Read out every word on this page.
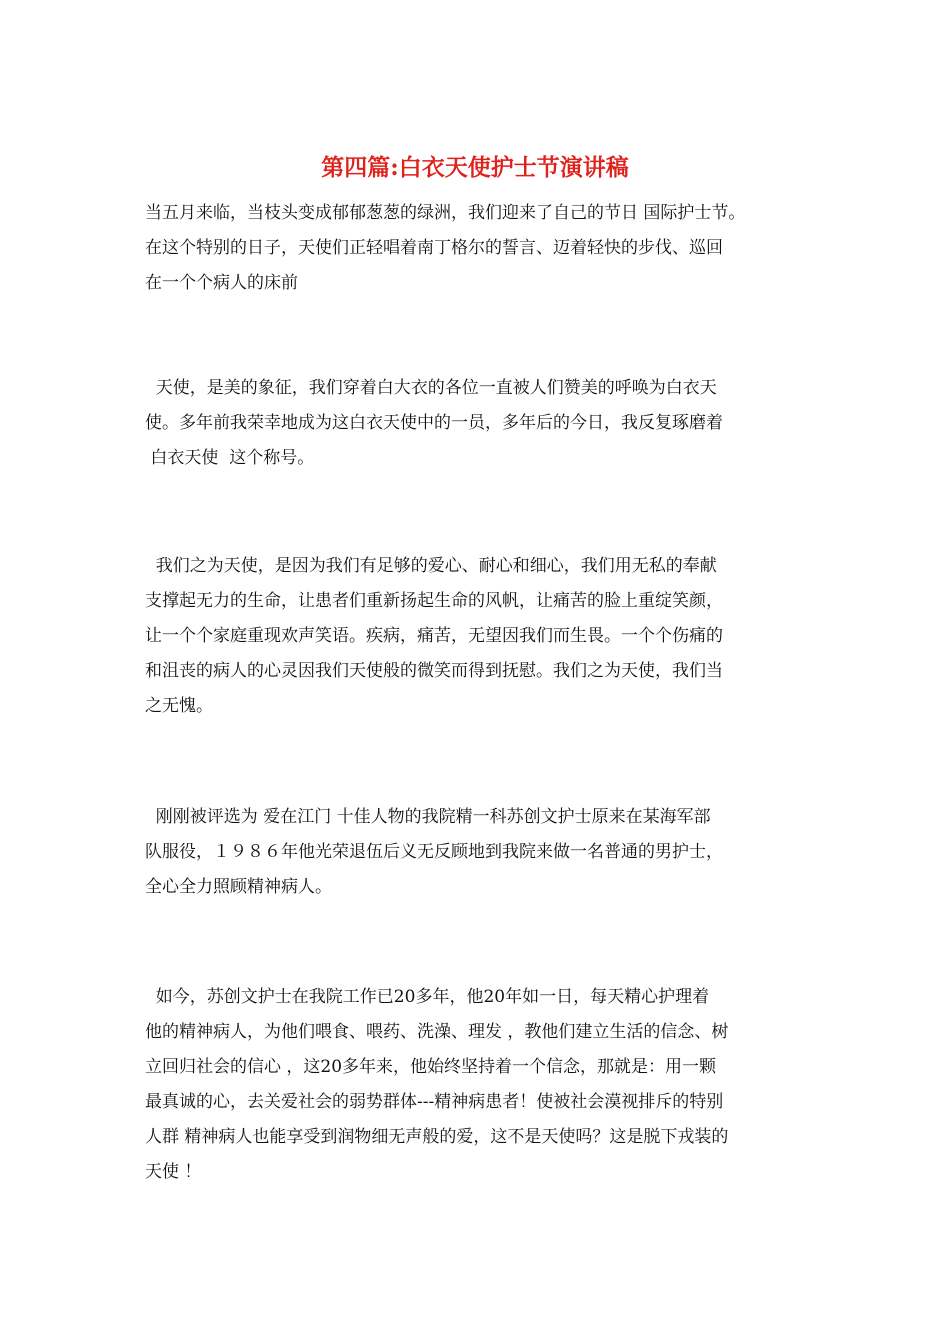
第四篇:白衣天使护士节演讲稿
当五月来临，当枝头变成郁郁葱葱的绿洲，我们迎来了自己的节日 国际护士节。
在这个特别的日子，天使们正轻唱着南丁格尔的誓言、迈着轻快的步伐、巡回
在一个个病人的床前
天使，是美的象征，我们穿着白大衣的各位一直被人们赞美的呼唤为白衣天
使。多年前我荣幸地成为这白衣天使中的一员，多年后的今日，我反复琢磨着
白衣天使  这个称号。
我们之为天使，是因为我们有足够的爱心、耐心和细心，我们用无私的奉献
支撑起无力的生命，让患者们重新扬起生命的风帆，让痛苦的脸上重绽笑颜，
让一个个家庭重现欢声笑语。疾病，痛苦，无望因我们而生畏。一个个伤痛的
和沮丧的病人的心灵因我们天使般的微笑而得到抚慰。我们之为天使，我们当
之无愧。
刚刚被评选为 爱在江门 十佳人物的我院精一科苏创文护士原来在某海军部
队服役，１９８６年他光荣退伍后义无反顾地到我院来做一名普通的男护士，
全心全力照顾精神病人。
如今，苏创文护士在我院工作已20多年，他20年如一日，每天精心护理着
他的精神病人，为他们喂食、喂药、洗澡、理发 ，教他们建立生活的信念、树
立回归社会的信心 ，这20多年来，他始终坚持着一个信念，那就是：用一颗
最真诚的心，去关爱社会的弱势群体---精神病患者！使被社会漠视排斥的特别
人群 精神病人也能享受到润物细无声般的爱，这不是天使吗？这是脱下戎装的
天使 ！
